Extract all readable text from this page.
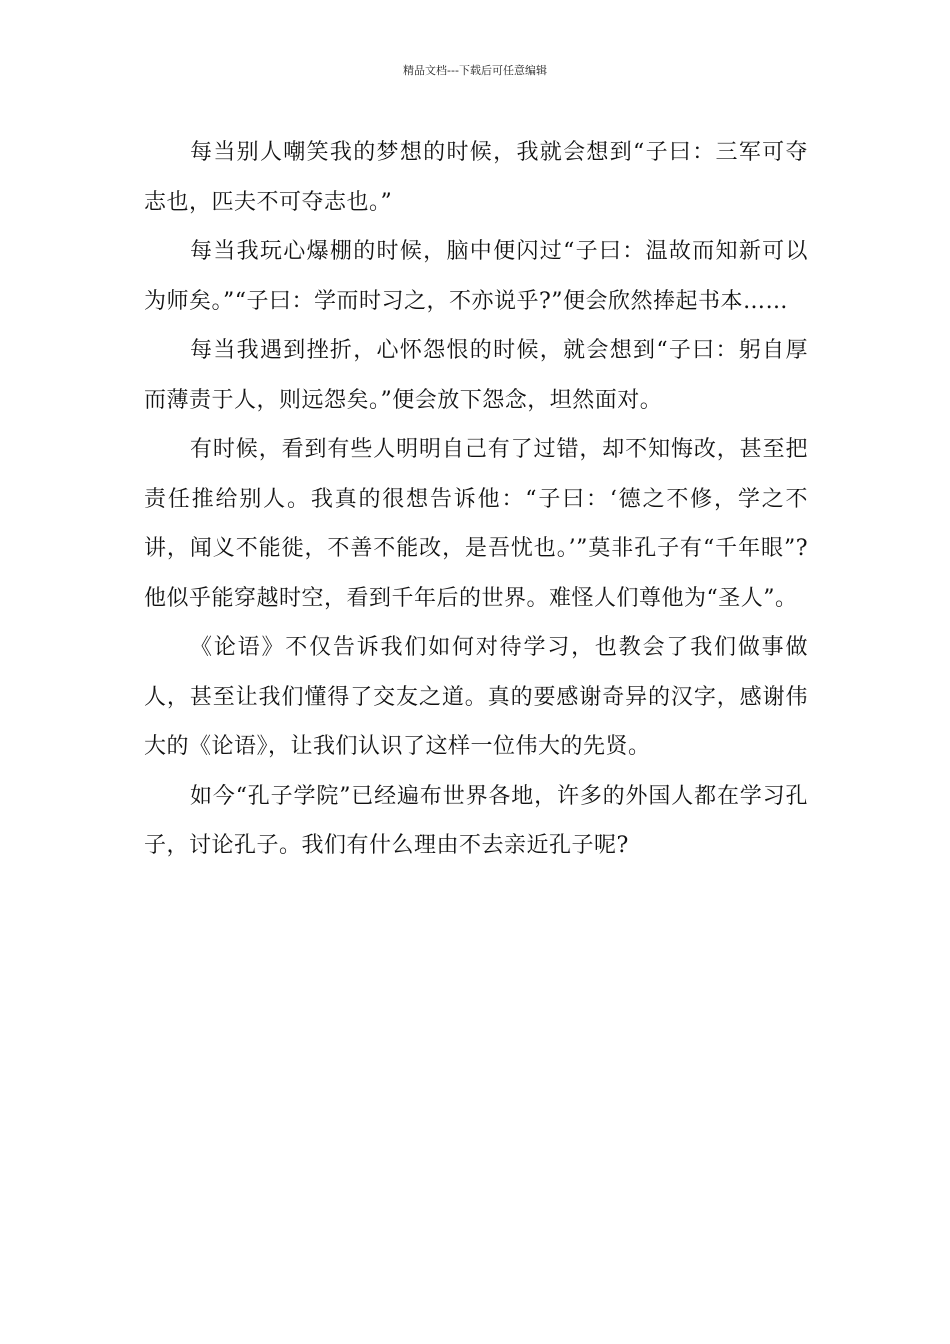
精品文档---下载后可任意编辑

每当别人嘲笑我的梦想的时候，我就会想到“子曰：三军可夺志也，匹夫不可夺志也。”

每当我玩心爆棚的时候，脑中便闪过“子曰：温故而知新可以为师矣。”“子曰：学而时习之，不亦说乎?”便会欣然捧起书本……

每当我遇到挫折，心怀怨恨的时候，就会想到“子曰：躬自厚而薄责于人，则远怨矣。”便会放下怨念，坦然面对。

有时候，看到有些人明明自己有了过错，却不知悔改，甚至把责任推给别人。我真的很想告诉他：“子曰：‘德之不修，学之不讲，闻义不能徙，不善不能改，是吾忧也。’”莫非孔子有“千年眼”?他似乎能穿越时空，看到千年后的世界。难怪人们尊他为“圣人”。

《论语》不仅告诉我们如何对待学习，也教会了我们做事做人，甚至让我们懂得了交友之道。真的要感谢奇异的汉字，感谢伟大的《论语》，让我们认识了这样一位伟大的先贤。

如今“孔子学院”已经遍布世界各地，许多的外国人都在学习孔子，讨论孔子。我们有什么理由不去亲近孔子呢?
